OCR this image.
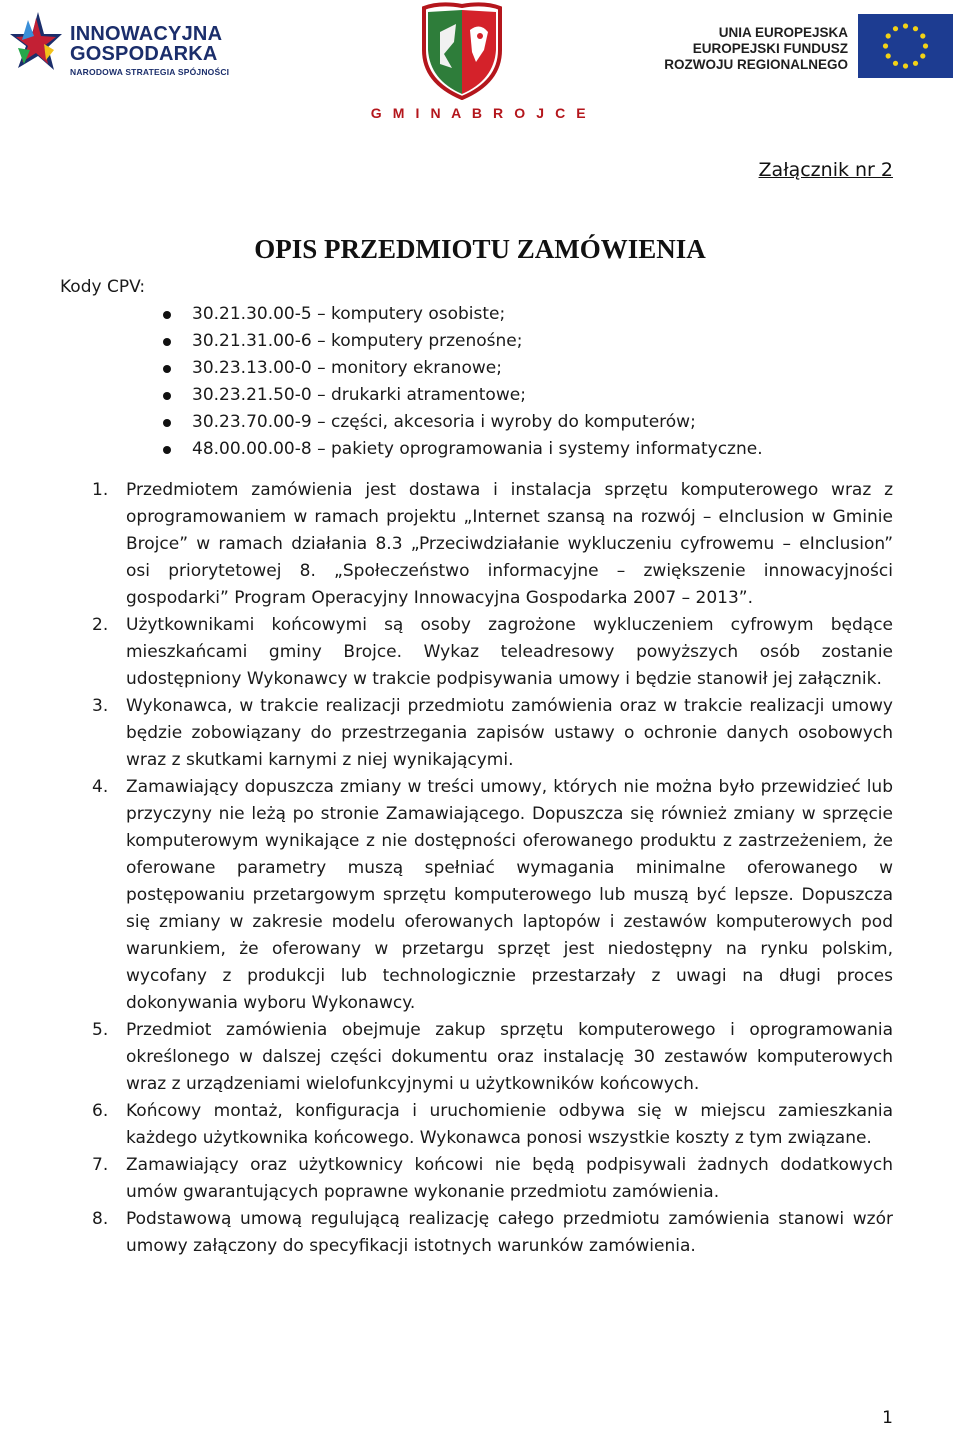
INNOWACYJNA
GOSPODARKA
NARODOWA STRATEGIA SPÓJNOŚCI
G M I N A B R O J C E
UNIA EUROPEJSKA
EUROPEJSKI FUNDUSZ
ROZWOJU REGIONALNEGO
Załącznik nr 2
OPIS PRZEDMIOTU ZAMÓWIENIA

Kody CPV:

30.21.30.00-5 – komputery osobiste;
30.21.31.00-6 – komputery przenośne;
30.23.13.00-0 – monitory ekranowe;
30.23.21.50-0 – drukarki atramentowe;
30.23.70.00-9 – części, akcesoria i wyroby do komputerów;
48.00.00.00-8 – pakiety oprogramowania i systemy informatyczne.
1. Przedmiotem zamówienia jest dostawa i instalacja sprzętu komputerowego wraz z oprogramowaniem w ramach projektu „Internet szansą na rozwój – eInclusion w Gminie Brojce” w ramach działania 8.3 „Przeciwdziałanie wykluczeniu cyfrowemu – eInclusion” osi priorytetowej 8. „Społeczeństwo informacyjne – zwiększenie innowacyjności gospodarki” Program Operacyjny Innowacyjna Gospodarka 2007 – 2013”.
2. Użytkownikami końcowymi są osoby zagrożone wykluczeniem cyfrowym będące mieszkańcami gminy Brojce. Wykaz teleadresowy powyższych osób zostanie udostępniony Wykonawcy w trakcie podpisywania umowy i będzie stanowił jej załącznik.
3. Wykonawca, w trakcie realizacji przedmiotu zamówienia oraz w trakcie realizacji umowy będzie zobowiązany do przestrzegania zapisów ustawy o ochronie danych osobowych wraz z skutkami karnymi z niej wynikającymi.
4. Zamawiający dopuszcza zmiany w treści umowy, których nie można było przewidzieć lub przyczyny nie leżą po stronie Zamawiającego. Dopuszcza się również zmiany w sprzęcie komputerowym wynikające z nie dostępności oferowanego produktu z zastrzeżeniem, że oferowane parametry muszą spełniać wymagania minimalne oferowanego w postępowaniu przetargowym sprzętu komputerowego lub muszą być lepsze. Dopuszcza się zmiany w zakresie modelu oferowanych laptopów i zestawów komputerowych pod warunkiem, że oferowany w przetargu sprzęt jest niedostępny na rynku polskim, wycofany z produkcji lub technologicznie przestarzały z uwagi na długi proces dokonywania wyboru Wykonawcy.
5. Przedmiot zamówienia obejmuje zakup sprzętu komputerowego i oprogramowania określonego w dalszej części dokumentu oraz instalację 30 zestawów komputerowych wraz z urządzeniami wielofunkcyjnymi u użytkowników końcowych.
6. Końcowy montaż, konfiguracja i uruchomienie odbywa się w miejscu zamieszkania każdego użytkownika końcowego. Wykonawca ponosi wszystkie koszty z tym związane.
7. Zamawiający oraz użytkownicy końcowi nie będą podpisywali żadnych dodatkowych umów gwarantujących poprawne wykonanie przedmiotu zamówienia.
8. Podstawową umową regulującą realizację całego przedmiotu zamówienia stanowi wzór umowy załączony do specyfikacji istotnych warunków zamówienia.
1
